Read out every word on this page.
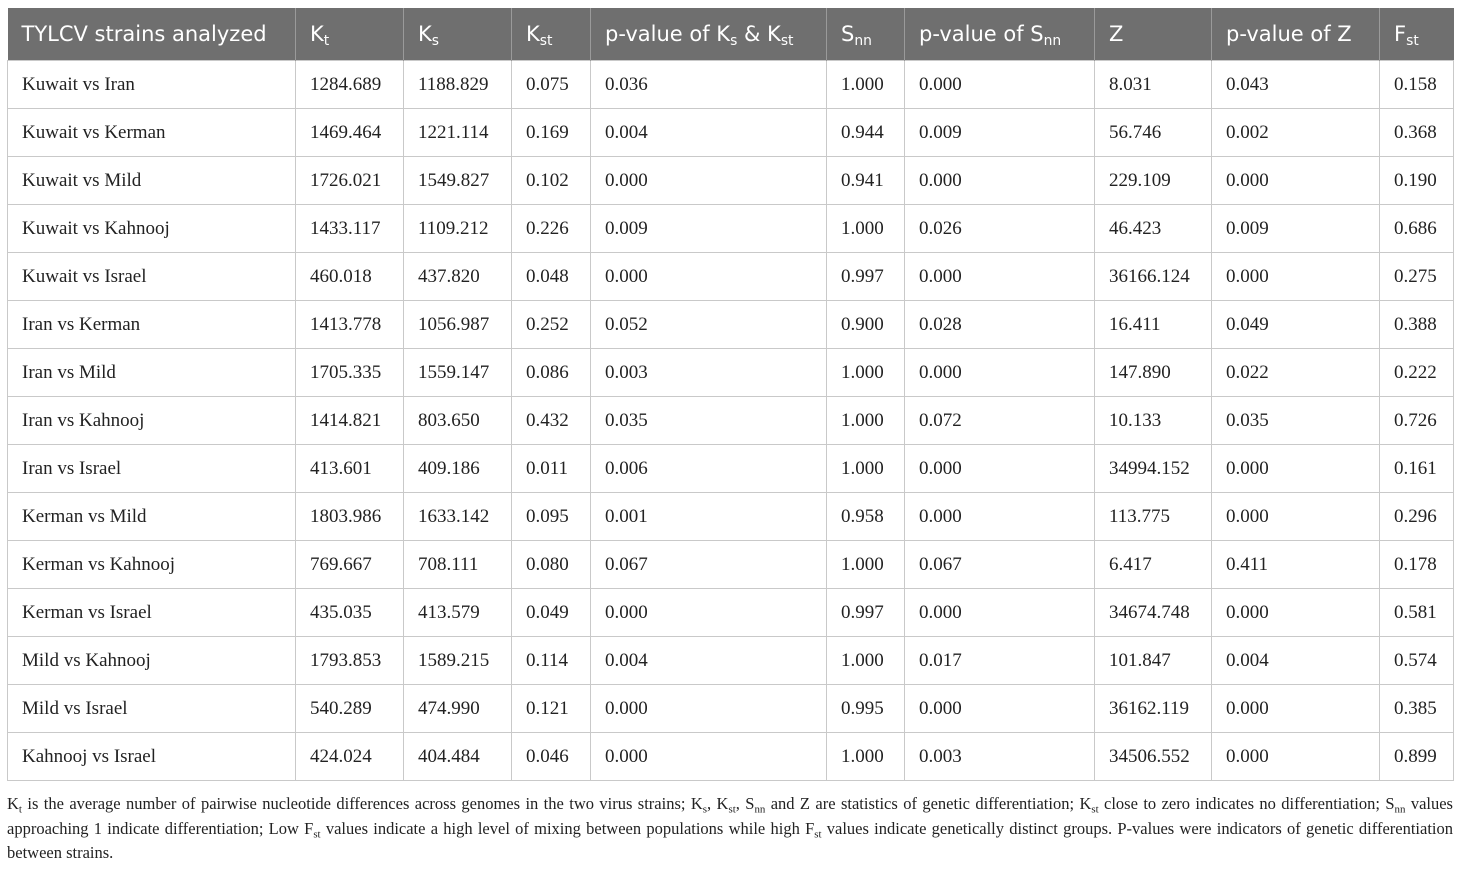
TYLCV strains analyzed	$K_t$	$K_s$	$K_{st}$	p-value of $K_s$ & $K_{st}$	$S_{nn}$	p-value of $S_{nn}$	Z	p-value of Z	$F_{st}$
Kuwait vs Iran	1284.689	1188.829	0.075	0.036	1.000	0.000	8.031	0.043	0.158
Kuwait vs Kerman	1469.464	1221.114	0.169	0.004	0.944	0.009	56.746	0.002	0.368
Kuwait vs Mild	1726.021	1549.827	0.102	0.000	0.941	0.000	229.109	0.000	0.190
Kuwait vs Kahnooj	1433.117	1109.212	0.226	0.009	1.000	0.026	46.423	0.009	0.686
Kuwait vs Israel	460.018	437.820	0.048	0.000	0.997	0.000	36166.124	0.000	0.275
Iran vs Kerman	1413.778	1056.987	0.252	0.052	0.900	0.028	16.411	0.049	0.388
Iran vs Mild	1705.335	1559.147	0.086	0.003	1.000	0.000	147.890	0.022	0.222
Iran vs Kahnooj	1414.821	803.650	0.432	0.035	1.000	0.072	10.133	0.035	0.726
Iran vs Israel	413.601	409.186	0.011	0.006	1.000	0.000	34994.152	0.000	0.161
Kerman vs Mild	1803.986	1633.142	0.095	0.001	0.958	0.000	113.775	0.000	0.296
Kerman vs Kahnooj	769.667	708.111	0.080	0.067	1.000	0.067	6.417	0.411	0.178
Kerman vs Israel	435.035	413.579	0.049	0.000	0.997	0.000	34674.748	0.000	0.581
Mild vs Kahnooj	1793.853	1589.215	0.114	0.004	1.000	0.017	101.847	0.004	0.574
Mild vs Israel	540.289	474.990	0.121	0.000	0.995	0.000	36162.119	0.000	0.385
Kahnooj vs Israel	424.024	404.484	0.046	0.000	1.000	0.003	34506.552	0.000	0.899
$K_t$ is the average number of pairwise nucleotide differences across genomes in the two virus strains; $K_s$, $K_{st}$, $S_{nn}$ and Z are statistics of genetic differentiation; $K_{st}$ close to zero indicates no differentiation; $S_{nn}$ values approaching 1 indicate differentiation; Low $F_{st}$ values indicate a high level of mixing between populations while high $F_{st}$ values indicate genetically distinct groups. P-values were indicators of genetic differentiation between strains.
